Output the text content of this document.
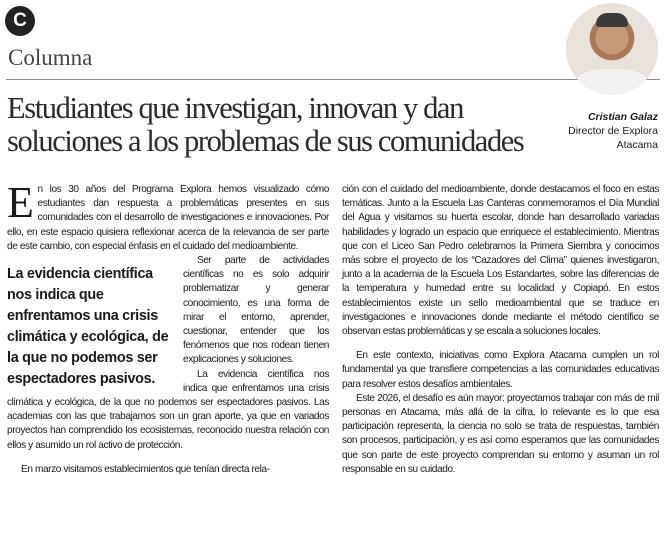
C
Columna
Estudiantes que investigan, innovan y dan soluciones a los problemas de sus comunidades
Cristian Galaz
Director de Explora Atacama

En los 30 años del Programa Explora hemos visualizado cómo estudiantes dan respuesta a problemáticas presentes en sus comunidades con el desarrollo de investigaciones e innovaciones. Por ello, en este espacio quisiera reflexionar acerca de la relevancia de ser parte de este cambio, con especial énfasis en el cuidado del medioambiente.

La evidencia científica nos indica que enfrentamos una crisis climática y ecológica, de la que no podemos ser espectadores pasivos.

Ser parte de actividades científicas no es solo adquirir problematizar y generar conocimiento, es una forma de mirar el entorno, aprender, cuestionar, entender que los fenómenos que nos rodean tienen explicaciones y soluciones.

La evidencia científica nos indica que enfrentamos una crisis climática y ecológica, de la que no podemos ser espectadores pasivos. Las academias con las que trabajamos son un gran aporte, ya que en variados proyectos han comprendido los ecosistemas, reconocido nuestra relación con ellos y asumido un rol activo de protección.

En marzo visitamos establecimientos que tenían directa rela-

ción con el cuidado del medioambiente, donde destacamos el foco en estas temáticas. Junto a la Escuela Las Canteras conmemoramos el Día Mundial del Agua y visitamos su huerta escolar, donde han desarrollado variadas habilidades y logrado un espacio que enriquece el establecimiento. Mientras que con el Liceo San Pedro celebramos la Primera Siembra y conocimos más sobre el proyecto de los “Cazadores del Clima” quienes investigaron, junto a la academia de la Escuela Los Estandartes, sobre las diferencias de la temperatura y humedad entre su localidad y Copiapó. En estos establecimientos existe un sello medioambiental que se traduce en investigaciones e innovaciones donde mediante el método científico se observan estas problemáticas y se escala a soluciones locales.

En este contexto, iniciativas como Explora Atacama cumplen un rol fundamental ya que transfiere competencias a las comunidades educativas para resolver estos desafíos ambientales.

Este 2026, el desafío es aún mayor: proyectamos trabajar con más de mil personas en Atacama, más allá de la cifra, lo relevante es lo que esa participación representa, la ciencia no solo se trata de respuestas, también son procesos, participación, y es así como esperamos que las comunidades que son parte de este proyecto comprendan su entorno y asuman un rol responsable en su cuidado.
